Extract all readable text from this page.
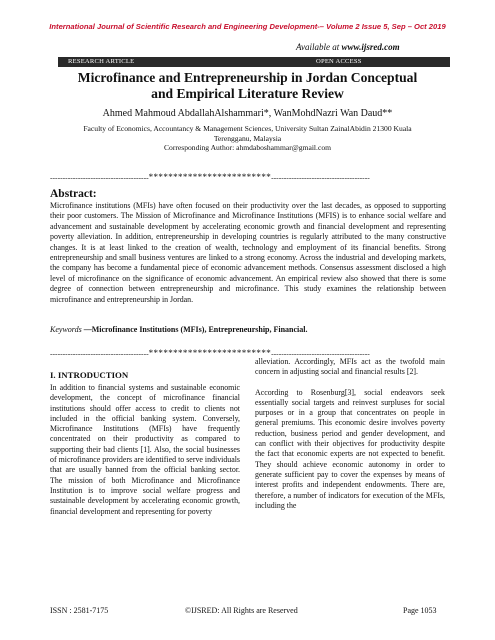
International Journal of Scientific Research and Engineering Development-– Volume 2 Issue 5, Sep – Oct 2019
Available at www.ijsred.com
RESEARCH ARTICLE	OPEN ACCESS
Microfinance and Entrepreneurship in Jordan Conceptual
and Empirical Literature Review
Ahmed Mahmoud AbdallahAlshammari*, WanMohdNazri Wan Daud**
Faculty of Economics, Accountancy & Management Sciences, University Sultan ZainalAbidin 21300 Kuala
Terengganu, Malaysia
Corresponding Author: ahmdaboshammar@gmail.com
---------------------------------------*************************---------------------------------------
Abstract:
Microfinance institutions (MFIs) have often focused on their productivity over the last decades, as opposed to supporting their poor customers. The Mission of Microfinance and Microfinance Institutions (MFIS) is to enhance social welfare and advancement and sustainable development by accelerating economic growth and financial development and representing poverty alleviation. In addition, entrepreneurship in developing countries is regularly attributed to the many constructive changes. It is at least linked to the creation of wealth, technology and employment of its financial benefits. Strong entrepreneurship and small business ventures are linked to a strong economy. Across the industrial and developing markets, the company has become a fundamental piece of economic advancement methods. Consensus assessment disclosed a high level of microfinance on the significance of economic advancement. An empirical review also showed that there is some degree of connection between entrepreneurship and microfinance. This study examines the relationship between microfinance and entrepreneurship in Jordan.
Keywords —Microfinance Institutions (MFIs), Entrepreneurship, Financial.
---------------------------------------*************************---------------------------------------
I. INTRODUCTION

In addition to financial systems and sustainable economic development, the concept of microfinance financial institutions should offer access to credit to clients not included in the official banking system. Conversely, Microfinance Institutions (MFIs) have frequently concentrated on their productivity as compared to supporting their bad clients [1]. Also, the social businesses of microfinance providers are identified to serve individuals that are usually banned from the official banking sector. The mission of both Microfinance and Microfinance Institution is to improve social welfare progress and sustainable development by accelerating economic growth, financial development and representing for poverty

alleviation. Accordingly, MFIs act as the twofold main concern in adjusting social and financial results [2].

According to Rosenburg[3], social endeavors seek essentially social targets and reinvest surpluses for social purposes or in a group that concentrates on people in general premiums. This economic desire involves poverty reduction, business period and gender development, and can conflict with their objectives for productivity despite the fact that economic experts are not expected to benefit. They should achieve economic autonomy in order to generate sufficient pay to cover the expenses by means of interest profits and independent endowments. There are, therefore, a number of indicators for execution of the MFIs, including the

ISSN : 2581-7175	©IJSRED: All Rights are Reserved	Page 1053
